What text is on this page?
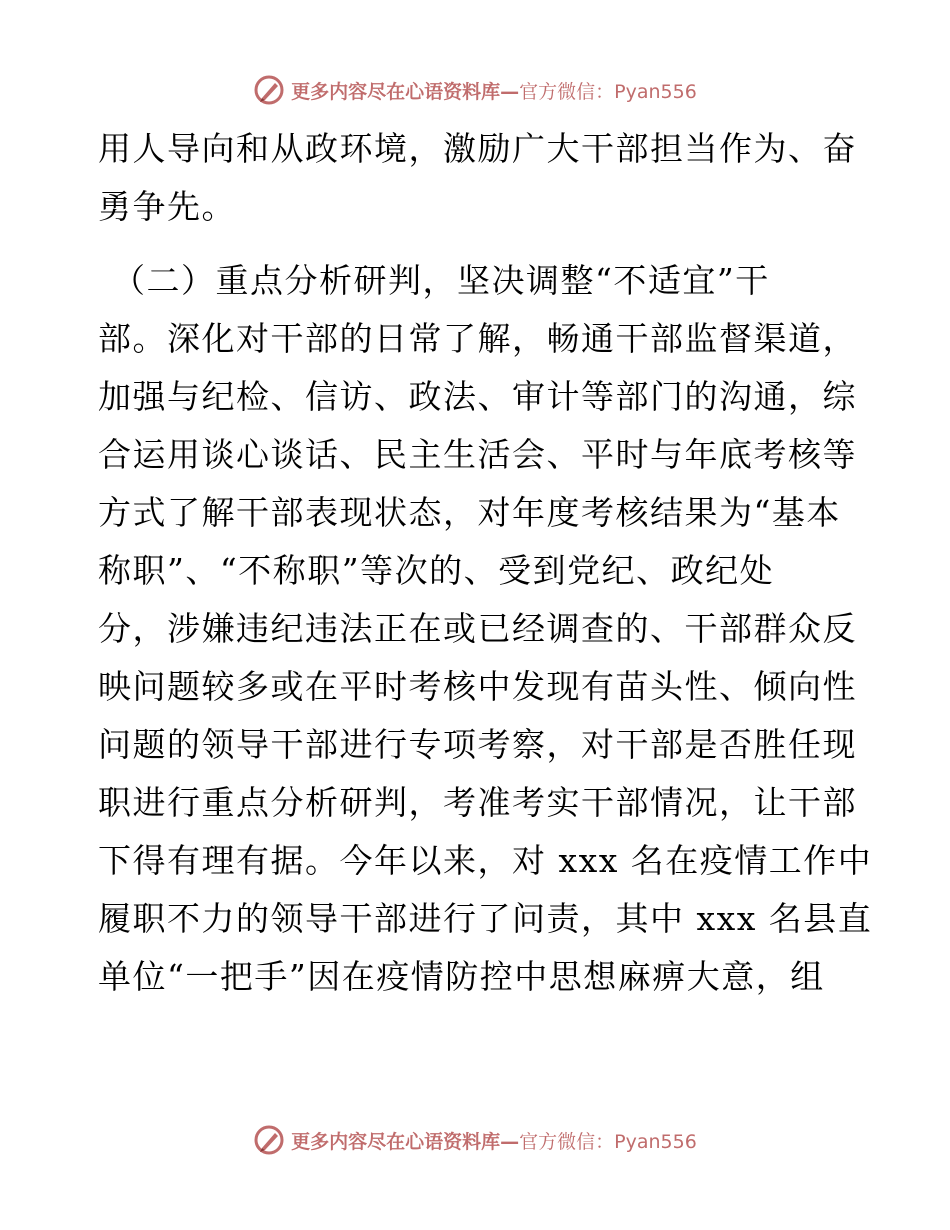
更多内容尽在心语资料库— 官方微信：Pyan556
用人导向和从政环境，激励广大干部担当作为、奋
勇争先。
（二）重点分析研判，坚决调整“不适宜”干
部。深化对干部的日常了解，畅通干部监督渠道，
加强与纪检、信访、政法、审计等部门的沟通，综
合运用谈心谈话、民主生活会、平时与年底考核等
方式了解干部表现状态，对年度考核结果为“基本
称职”、“不称职”等次的、受到党纪、政纪处
分，涉嫌违纪违法正在或已经调查的、干部群众反
映问题较多或在平时考核中发现有苗头性、倾向性
问题的领导干部进行专项考察，对干部是否胜任现
职进行重点分析研判，考准考实干部情况，让干部
下得有理有据。今年以来，对 xxx 名在疫情工作中
履职不力的领导干部进行了问责，其中 xxx 名县直
单位“一把手”因在疫情防控中思想麻痹大意，组
更多内容尽在心语资料库— 官方微信：Pyan556
